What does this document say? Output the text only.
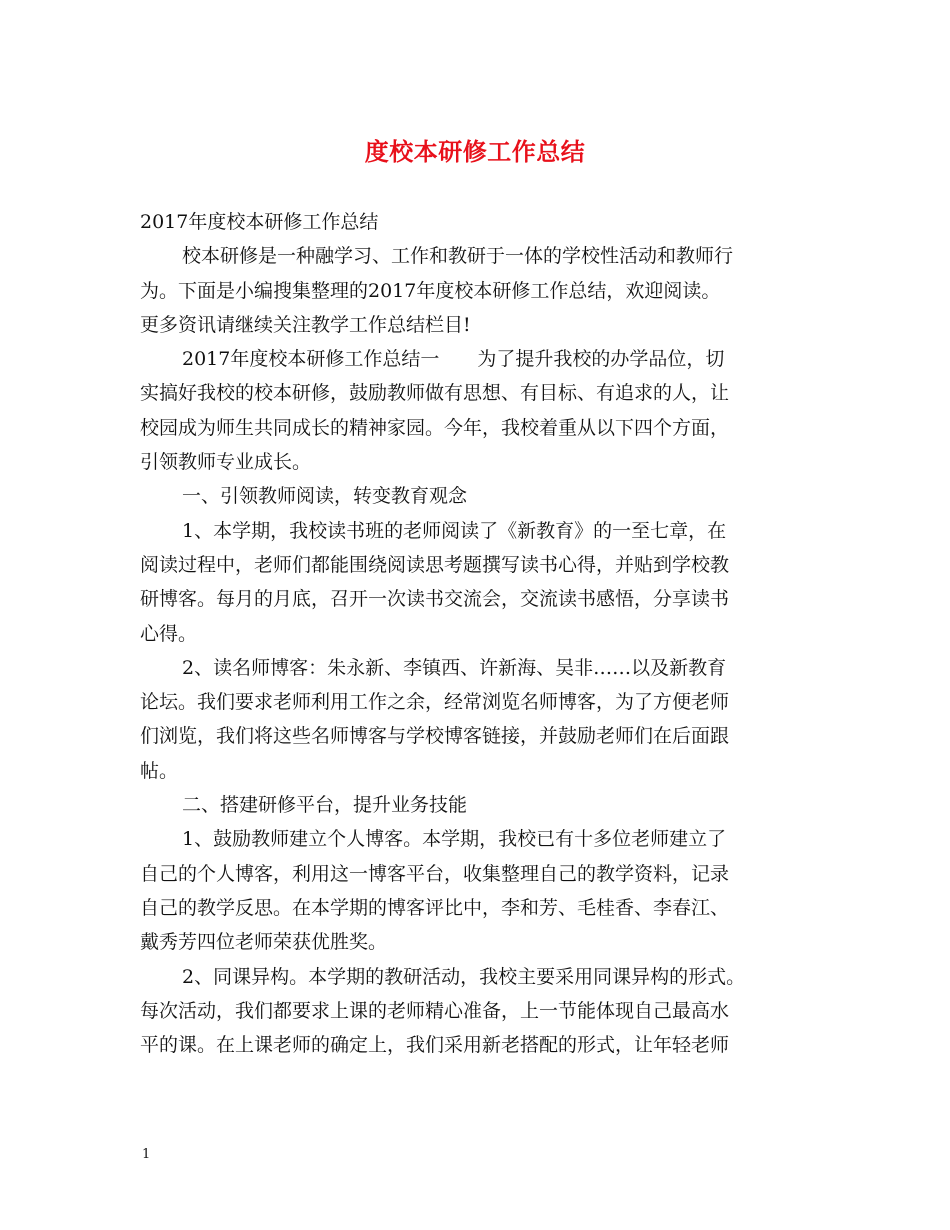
度校本研修工作总结
2017年度校本研修工作总结
校本研修是一种融学习、工作和教研于一体的学校性活动和教师行
为。下面是小编搜集整理的2017年度校本研修工作总结，欢迎阅读。
更多资讯请继续关注教学工作总结栏目!
2017年度校本研修工作总结一　　为了提升我校的办学品位，切
实搞好我校的校本研修，鼓励教师做有思想、有目标、有追求的人，让
校园成为师生共同成长的精神家园。今年，我校着重从以下四个方面，
引领教师专业成长。
一、引领教师阅读，转变教育观念
1、本学期，我校读书班的老师阅读了《新教育》的一至七章，在
阅读过程中，老师们都能围绕阅读思考题撰写读书心得，并贴到学校教
研博客。每月的月底，召开一次读书交流会，交流读书感悟，分享读书
心得。
2、读名师博客：朱永新、李镇西、许新海、吴非……以及新教育
论坛。我们要求老师利用工作之余，经常浏览名师博客，为了方便老师
们浏览，我们将这些名师博客与学校博客链接，并鼓励老师们在后面跟
帖。
二、搭建研修平台，提升业务技能
1、鼓励教师建立个人博客。本学期，我校已有十多位老师建立了
自己的个人博客，利用这一博客平台，收集整理自己的教学资料，记录
自己的教学反思。在本学期的博客评比中，李和芳、毛桂香、李春江、
戴秀芳四位老师荣获优胜奖。
2、同课异构。本学期的教研活动，我校主要采用同课异构的形式。
每次活动，我们都要求上课的老师精心准备，上一节能体现自己最高水
平的课。在上课老师的确定上，我们采用新老搭配的形式，让年轻老师
1
